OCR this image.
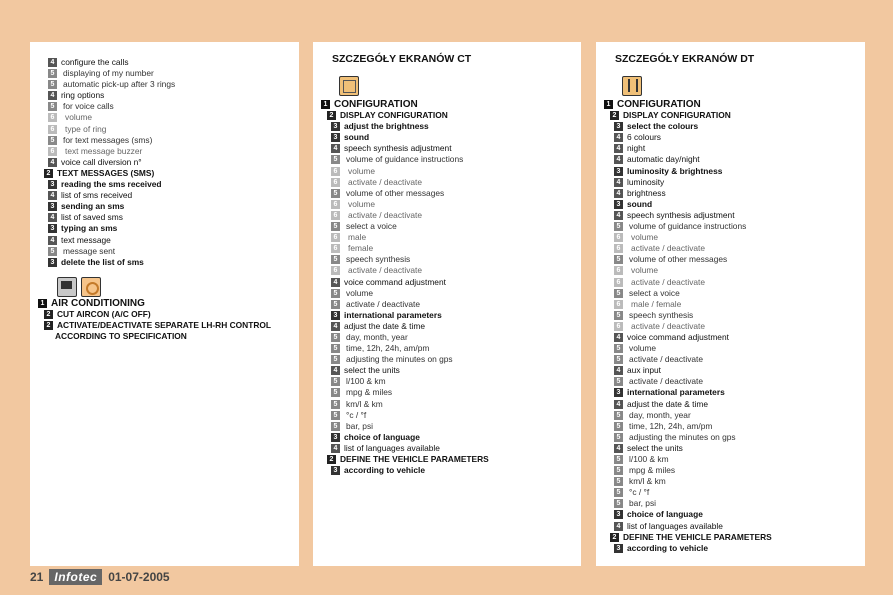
4 configure the calls
5	displaying of my number
5	automatic pick-up after 3 rings
4 ring options
5	for voice calls
6	volume
6	type of ring
5	for text messages (sms)
6	text message buzzer
4 voice call diversion n°
2 TEXT MESSAGES (SMS)
3 reading the sms received
4 list of sms received
3 sending an sms
4 list of saved sms
3 typing an sms
4 text message
5	message sent
3 delete the list of sms
1 AIR CONDITIONING
2 CUT AIRCON (A/C OFF)
2 ACTIVATE/DEACTIVATE SEPARATE LH-RH CONTROL
ACCORDING TO SPECIFICATION
SZCZEGÓŁY EKRANÓW CT
1 CONFIGURATION
2 DISPLAY CONFIGURATION
3 adjust the brightness
3 sound
4 speech synthesis adjustment
5	volume of guidance instructions
6	volume
6	activate / deactivate
5	volume of other messages
6	volume
6	activate / deactivate
5	select a voice
6	male
6	female
5	speech synthesis
6	activate / deactivate
4 voice command adjustment
5	volume
5	activate / deactivate
3 international parameters
4 adjust the date & time
5	day, month, year
5	time, 12h, 24h, am/pm
5	adjusting the minutes on gps
4 select the units
5	l/100 & km
5	mpg & miles
5	km/l & km
5	°c / °f
5	bar, psi
3 choice of language
4 list of languages available
2 DEFINE THE VEHICLE PARAMETERS
3 according to vehicle
SZCZEGÓŁY EKRANÓW DT
1 CONFIGURATION
2 DISPLAY CONFIGURATION
3 select the colours
4 6 colours
4 night
4 automatic day/night
3 luminosity & brightness
4 luminosity
4 brightness
3 sound
4 speech synthesis adjustment
5	volume of guidance instructions
6	volume
6	activate / deactivate
5	volume of other messages
6	volume
6	activate / deactivate
5	select a voice
6	male / female
5	speech synthesis
6	activate / deactivate
4 voice command adjustment
5	volume
5	activate / deactivate
4 aux input
5	activate / deactivate
3 international parameters
4 adjust the date & time
5	day, month, year
5	time, 12h, 24h, am/pm
5	adjusting the minutes on gps
4 select the units
5	l/100 & km
5	mpg & miles
5	km/l & km
5	°c / °f
5	bar, psi
3 choice of language
4 list of languages available
2 DEFINE THE VEHICLE PARAMETERS
3 according to vehicle
21 Infotec 01-07-2005
